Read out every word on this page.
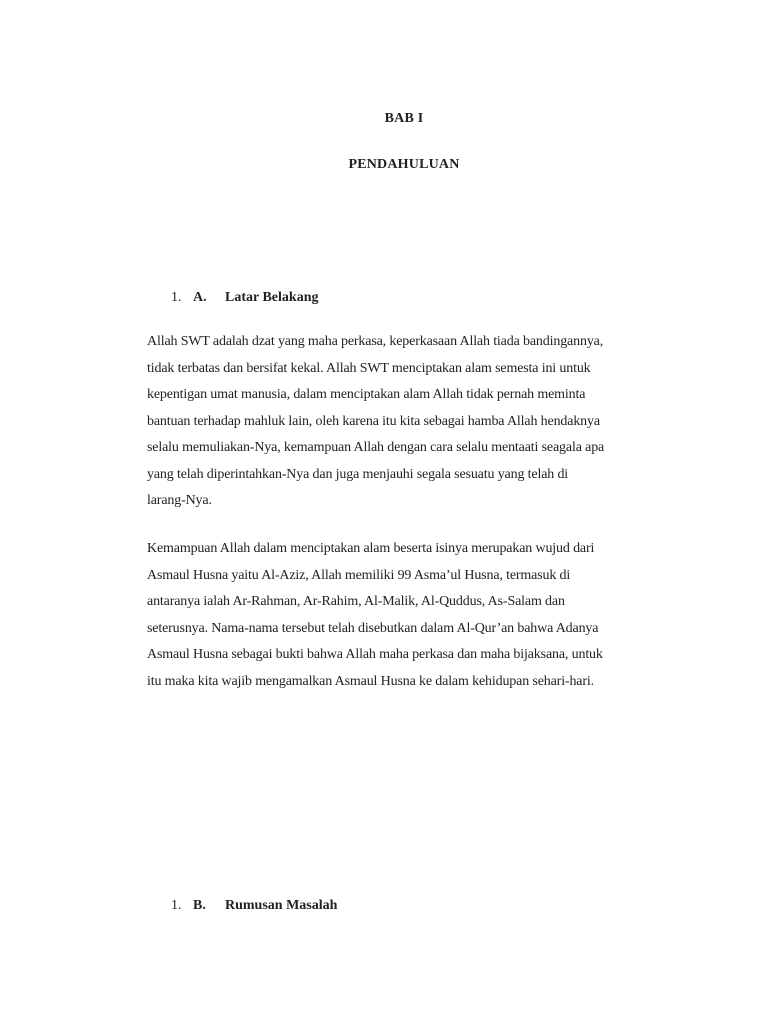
BAB I
PENDAHULUAN
1. A.	Latar Belakang
Allah SWT adalah dzat yang maha perkasa, keperkasaan Allah tiada bandingannya,
tidak terbatas dan bersifat kekal. Allah SWT menciptakan alam semesta ini untuk
kepentigan umat manusia, dalam menciptakan alam Allah tidak pernah meminta
bantuan terhadap mahluk lain, oleh karena itu kita sebagai hamba Allah hendaknya
selalu memuliakan-Nya, kemampuan Allah dengan cara selalu mentaati seagala apa
yang telah diperintahkan-Nya dan juga menjauhi segala sesuatu yang telah di
larang-Nya.
Kemampuan Allah dalam menciptakan alam beserta isinya merupakan wujud dari
Asmaul Husna yaitu Al-Aziz, Allah memiliki 99 Asma’ul Husna, termasuk di
antaranya ialah Ar-Rahman, Ar-Rahim, Al-Malik, Al-Quddus, As-Salam dan
seterusnya. Nama-nama tersebut telah disebutkan dalam Al-Qur’an bahwa Adanya
Asmaul Husna sebagai bukti bahwa Allah maha perkasa dan maha bijaksana, untuk
itu maka kita wajib mengamalkan Asmaul Husna ke dalam kehidupan sehari-hari.
1. B.	Rumusan Masalah
